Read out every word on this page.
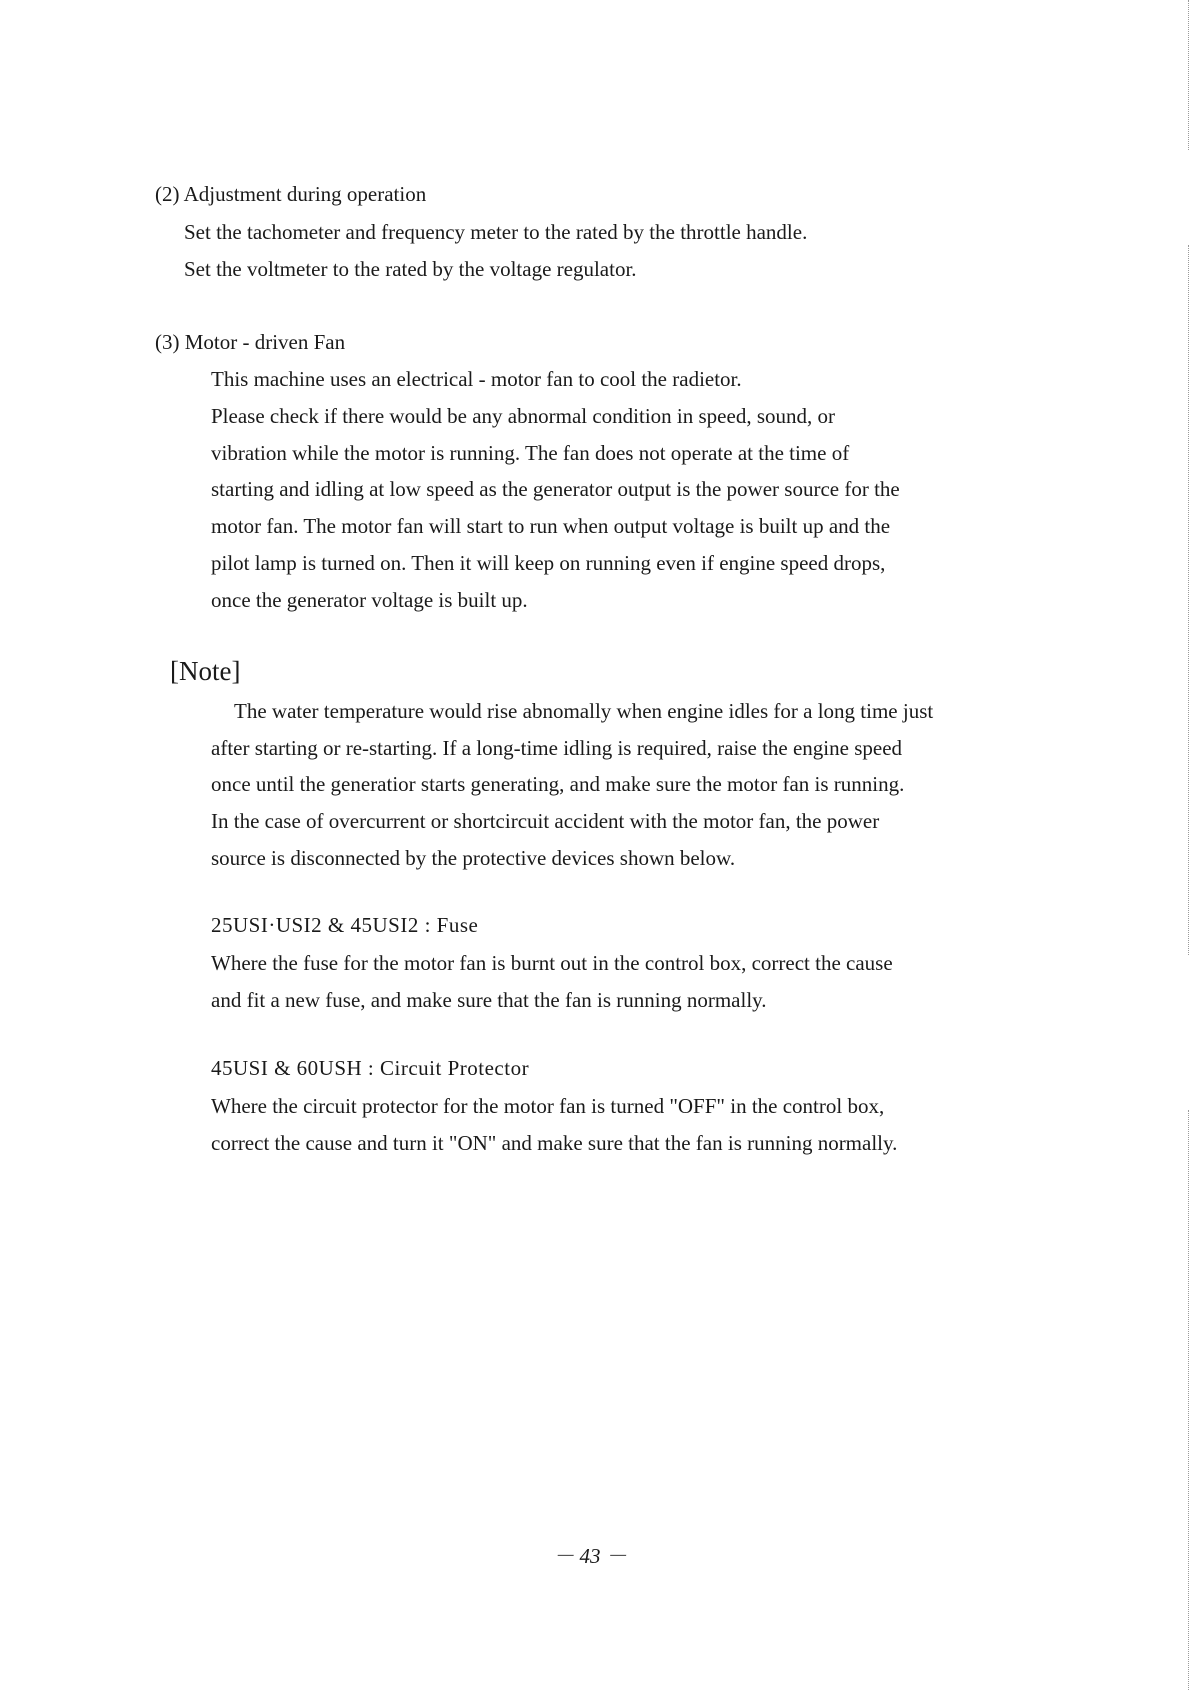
(2) Adjustment during operation
Set the tachometer and frequency meter to the rated by the throttle handle.
Set the voltmeter to the rated by the voltage regulator.
(3) Motor - driven Fan
This machine uses an electrical - motor fan to cool the radietor.
Please check if there would be any abnormal condition in speed, sound, or
vibration while the motor is running. The fan does not operate at the time of
starting and idling at low speed as the generator output is the power source for the
motor fan. The motor fan will start to run when output voltage is built up and the
pilot lamp is turned on. Then it will keep on running even if engine speed drops,
once the generator voltage is built up.
[Note]
The water temperature would rise abnomally when engine idles for a long time just
after starting or re-starting. If a long-time idling is required, raise the engine speed
once until the generatior starts generating, and make sure the motor fan is running.
In the case of overcurrent or shortcircuit accident with the motor fan, the power
source is disconnected by the protective devices shown below.
25USI·USI2 & 45USI2 : Fuse
Where the fuse for the motor fan is burnt out in the control box, correct the cause
and fit a new fuse, and make sure that the fan is running normally.
45USI & 60USH : Circuit Protector
Where the circuit protector for the motor fan is turned "OFF" in the control box,
correct the cause and turn it "ON" and make sure that the fan is running normally.
－ 43 －
